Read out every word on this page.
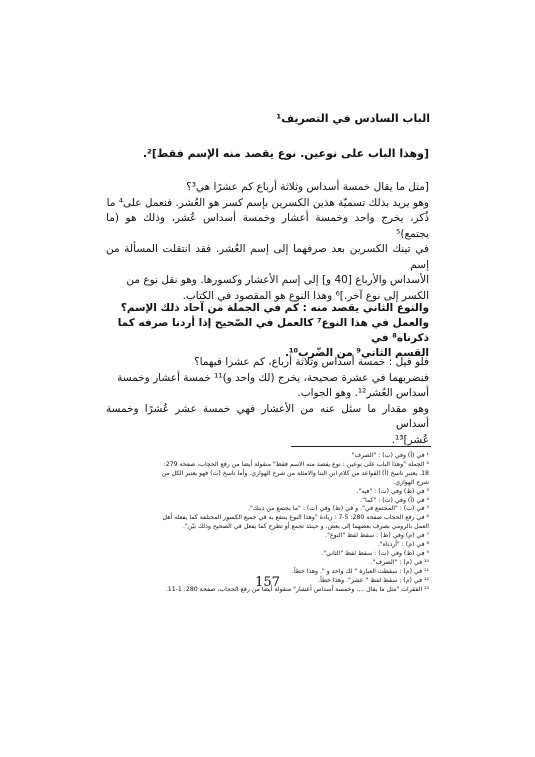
الباب السادس في التصريف¹
[وهذا الباب على نوعين. نوع يقصد منه الإسم فقط]².
[مثل ما يقال خمسة أسداس وثلاثة أرباع كم عشرًا هي³؟
وهو يريد بذلك تسميّة هذين الكسرين بإسم كسر هو العُشر. فنعمل على⁴ ما
ذُكر، يخرج واحد وخمسة أعشار وخمسة أسداس عُشر، وذلك هو (ما يجتمع)⁵
في تينك الكسرين بعد صرفهما إلى إسم العُشر. فقد انتقلت المسألة من إسم
الأسداس والأرباع [40 و] إلى إسم الأعشار وكسورها. وهو نقل نوع من
الكسر إلى نوع آخر.]⁶ وهذا النوع هو المقصود في الكتاب.
والنوع الثاني يقصد منه : كم في الجملة من آحاد ذلك الإسم؟
والعمل في هذا النوع⁷ كالعمل في الصّحيح إذا أردنا صرفه كما ذكرناه⁸ في
القسم الثاني⁹ من الضّرب¹⁰.
فلو قيل : خمسة أسداس وثلاثة أرباع، كم عشرا فيهما؟
فنضربهما في عشرة صحيحة، يخرج (لك واحد و)¹¹ خمسة أعشار وخمسة
أسداس العُشر¹². وهو الجواب.
وهو مقدار ما سئل عنه من الأعشار فهي خمسة عشر عُشرًا وخمسة أسداس
عُشر]¹³.
¹ في (أ) وفي (ب) : "الصرف"
² الجملة "وهذا الباب على نوعين : نوع يقصد منه الاسم فقط" منقولة أيضا من رفع الحجاب، صفحة 279:
18. يعتبر ناسخ (أ) القواعد من كلام ابن البنا والامثلة من شرح الهواري. وأما ناسخ (ت) فهو يعتبر الكل من
شرح الهواري.
³ في (ط) وفي (ت) : "فيه".
⁴ في (أ) وفي (ت) : "كما".
⁵ في (ب) : "المجتمع في". و في (ط) وفي (ت) : "ما يجتمع من ذينك".
⁶ في رفع الحجاب صفحة 280: 5-7 : زيادة "وهذا النوع ينتفع به في جميع الكسور المختلفة كما يفعله أهل
العمل بالرومي بصرف بعضهما إلى بعض، و حينئذ تجمع أو تطرح كما يفعل في الصحيح وذلك بيّن".
⁷ في (م) وفي (ط) : سقط لفظ "النوع".
⁸ في (م) : "أردناه".
⁹ في (ط) وفي (ت) : سقط لفظ "الثاني".
¹⁰ في (م) : "الصرف".
¹¹ في (م) : سقطت العبارة " لك واحد و ". وهذا خطأ.
¹² في (م) : سقط لفظ " عشر". وهذا خطأ.
¹³ الفقرات "مثل ما يقال .... وخمسة أسداس أعشار" منقولة أيضا من رفع الحجاب، صفحة 280: 1-11.
157
